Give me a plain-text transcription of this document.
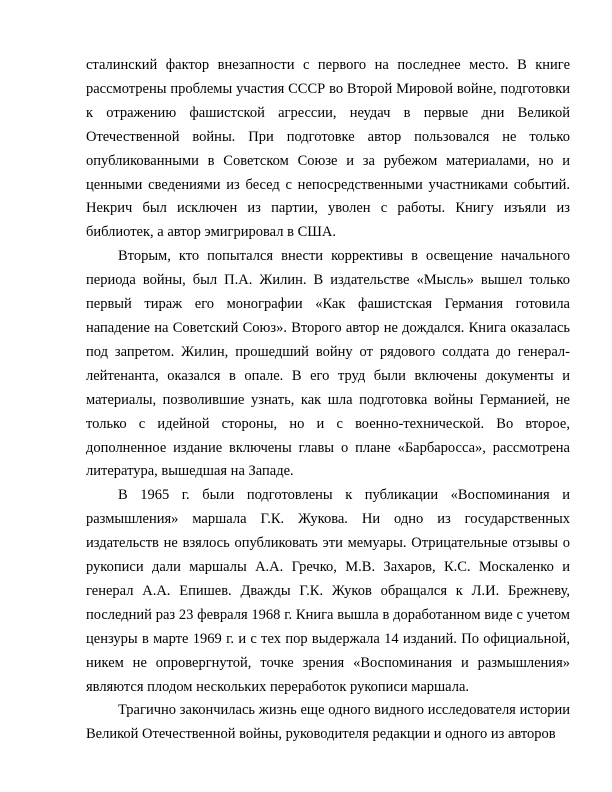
сталинский фактор внезапности с первого на последнее место. В книге рассмотрены проблемы участия СССР во Второй Мировой войне, подготовки к отражению фашистской агрессии, неудач в первые дни Великой Отечественной войны. При подготовке автор пользовался не только опубликованными в Советском Союзе и за рубежом материалами, но и ценными сведениями из бесед с непосредственными участниками событий. Некрич был исключен из партии, уволен с работы. Книгу изъяли из библиотек, а автор эмигрировал в США.

Вторым, кто попытался внести коррективы в освещение начального периода войны, был П.А. Жилин. В издательстве «Мысль» вышел только первый тираж его монографии «Как фашистская Германия готовила нападение на Советский Союз». Второго автор не дождался. Книга оказалась под запретом. Жилин, прошедший войну от рядового солдата до генерал-лейтенанта, оказался в опале. В его труд были включены документы и материалы, позволившие узнать, как шла подготовка войны Германией, не только с идейной стороны, но и с военно-технической. Во второе, дополненное издание включены главы о плане «Барбаросса», рассмотрена литература, вышедшая на Западе.

В 1965 г. были подготовлены к публикации «Воспоминания и размышления» маршала Г.К. Жукова. Ни одно из государственных издательств не взялось опубликовать эти мемуары. Отрицательные отзывы о рукописи дали маршалы А.А. Гречко, М.В. Захаров, К.С. Москаленко и генерал А.А. Епишев. Дважды Г.К. Жуков обращался к Л.И. Брежневу, последний раз 23 февраля 1968 г. Книга вышла в доработанном виде с учетом цензуры в марте 1969 г. и с тех пор выдержала 14 изданий. По официальной, никем не опровергнутой, точке зрения «Воспоминания и размышления» являются плодом нескольких переработок рукописи маршала.

Трагично закончилась жизнь еще одного видного исследователя истории Великой Отечественной войны, руководителя редакции и одного из авторов
